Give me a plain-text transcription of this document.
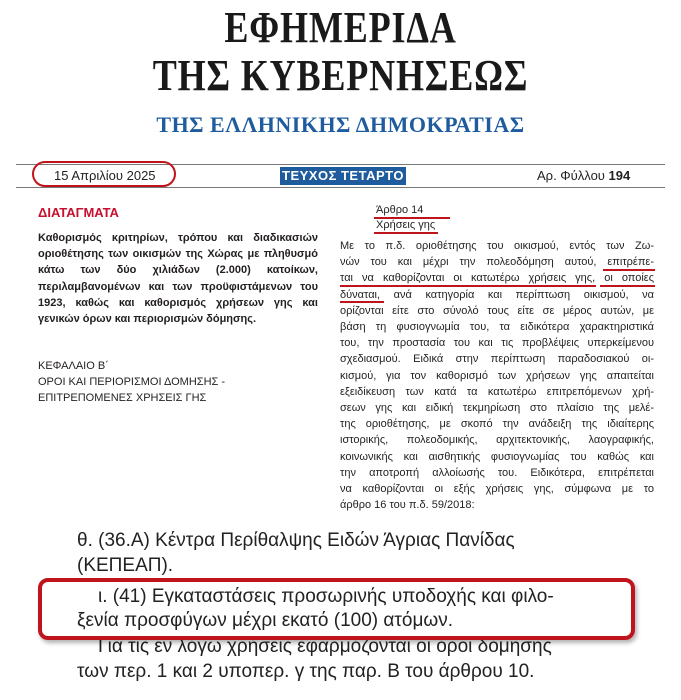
ΕΦΗΜΕΡΙΔΑ
ΤΗΣ ΚΥΒΕΡΝΗΣΕΩΣ
ΤΗΣ ΕΛΛΗΝΙΚΗΣ ΔΗΜΟΚΡΑΤΙΑΣ
15 Απριλίου 2025	ΤΕΥΧΟΣ ΤΕΤΑΡΤΟ	Αρ. Φύλλου 194
ΔΙΑΤΑΓΜΑΤΑ
Καθορισμός κριτηρίων, τρόπου και διαδικασιών οριοθέτησης των οικισμών της Χώρας με πληθυσμό κάτω των δύο χιλιάδων (2.000) κατοίκων, περιλαμβανομένων και των προϋφιστάμενων του 1923, καθώς και καθορισμός χρήσεων γης και γενικών όρων και περιορισμών δόμησης.
ΚΕΦΑΛΑΙΟ Β΄
ΟΡΟΙ ΚΑΙ ΠΕΡΙΟΡΙΣΜΟΙ ΔΟΜΗΣΗΣ -
ΕΠΙΤΡΕΠΟΜΕΝΕΣ ΧΡΗΣΕΙΣ ΓΗΣ
Άρθρο 14
Χρήσεις γης
Με το π.δ. οριοθέτησης του οικισμού, εντός των Ζω-
νών του και μέχρι την πολεοδόμηση αυτού, επιτρέπε-
ται να καθορίζονται οι κατωτέρω χρήσεις γης, οι οποίες
δύναται, ανά κατηγορία και περίπτωση οικισμού, να
ορίζονται είτε στο σύνολό τους είτε σε μέρος αυτών, με
βάση τη φυσιογνωμία του, τα ειδικότερα χαρακτηριστικά
του, την προστασία του και τις προβλέψεις υπερκείμενου
σχεδιασμού. Ειδικά στην περίπτωση παραδοσιακού οι-
κισμού, για τον καθορισμό των χρήσεων γης απαιτείται
εξειδίκευση των κατά τα κατωτέρω επιτρεπόμενων χρή-
σεων γης και ειδική τεκμηρίωση στο πλαίσιο της μελέ-
της οριοθέτησης, με σκοπό την ανάδειξη της ιδιαίτερης
ιστορικής, πολεοδομικής, αρχιτεκτονικής, λαογραφικής,
κοινωνικής και αισθητικής φυσιογνωμίας του καθώς και
την αποτροπή αλλοίωσής του. Ειδικότερα, επιτρέπεται
να καθορίζονται οι εξής χρήσεις γης, σύμφωνα με το
άρθρο 16 του π.δ. 59/2018:
θ. (36.Α) Κέντρα Περίθαλψης Ειδών Άγριας Πανίδας
(ΚΕΠΕΑΠ).
ι. (41) Εγκαταστάσεις προσωρινής υποδοχής και φιλο-
ξενία προσφύγων μέχρι εκατό (100) ατόμων.
Για τις εν λόγω χρήσεις εφαρμόζονται οι όροι δόμησης
των περ. 1 και 2 υποπερ. γ της παρ. Β του άρθρου 10.
